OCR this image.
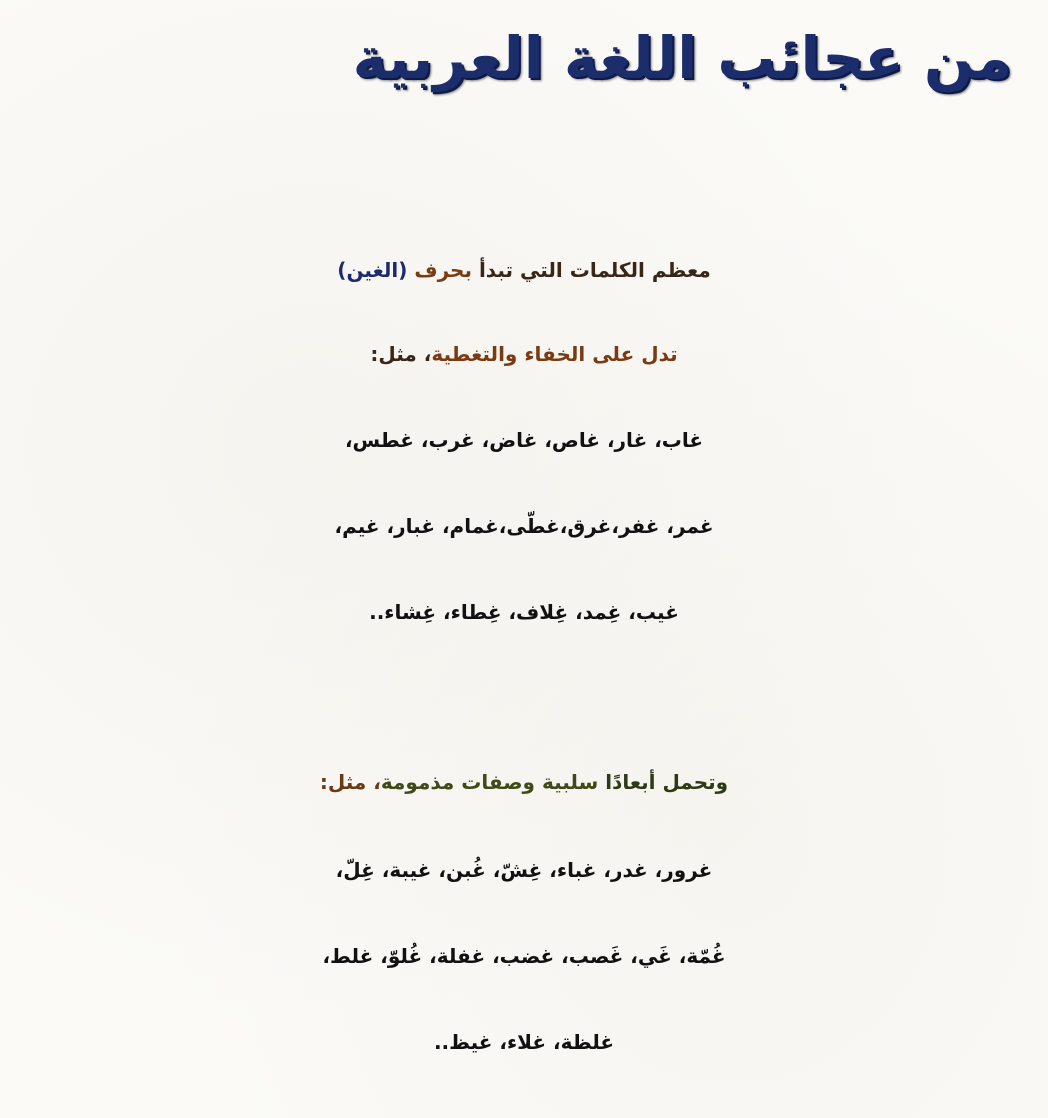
من عجائب اللغة العربية
معظم الكلمات التي تبدأ بحرف (الغين)
تدل على الخفاء والتغطية، مثل:
غاب، غار، غاص، غاض، غرب، غطس،
غمر، غفر،غرق،غطّى،غمام، غبار، غيم،
غيب، غِمد، غِلاف، غِطاء، غِشاء..
وتحمل أبعادًا سلبية وصفات مذمومة، مثل:
غرور، غدر، غباء، غِشّ، غُبن، غيبة، غِلّ،
غُمّة، غَي، غَصب، غضب، غفلة، غُلوّ، غلط،
غلظة، غلاء، غيظ..
